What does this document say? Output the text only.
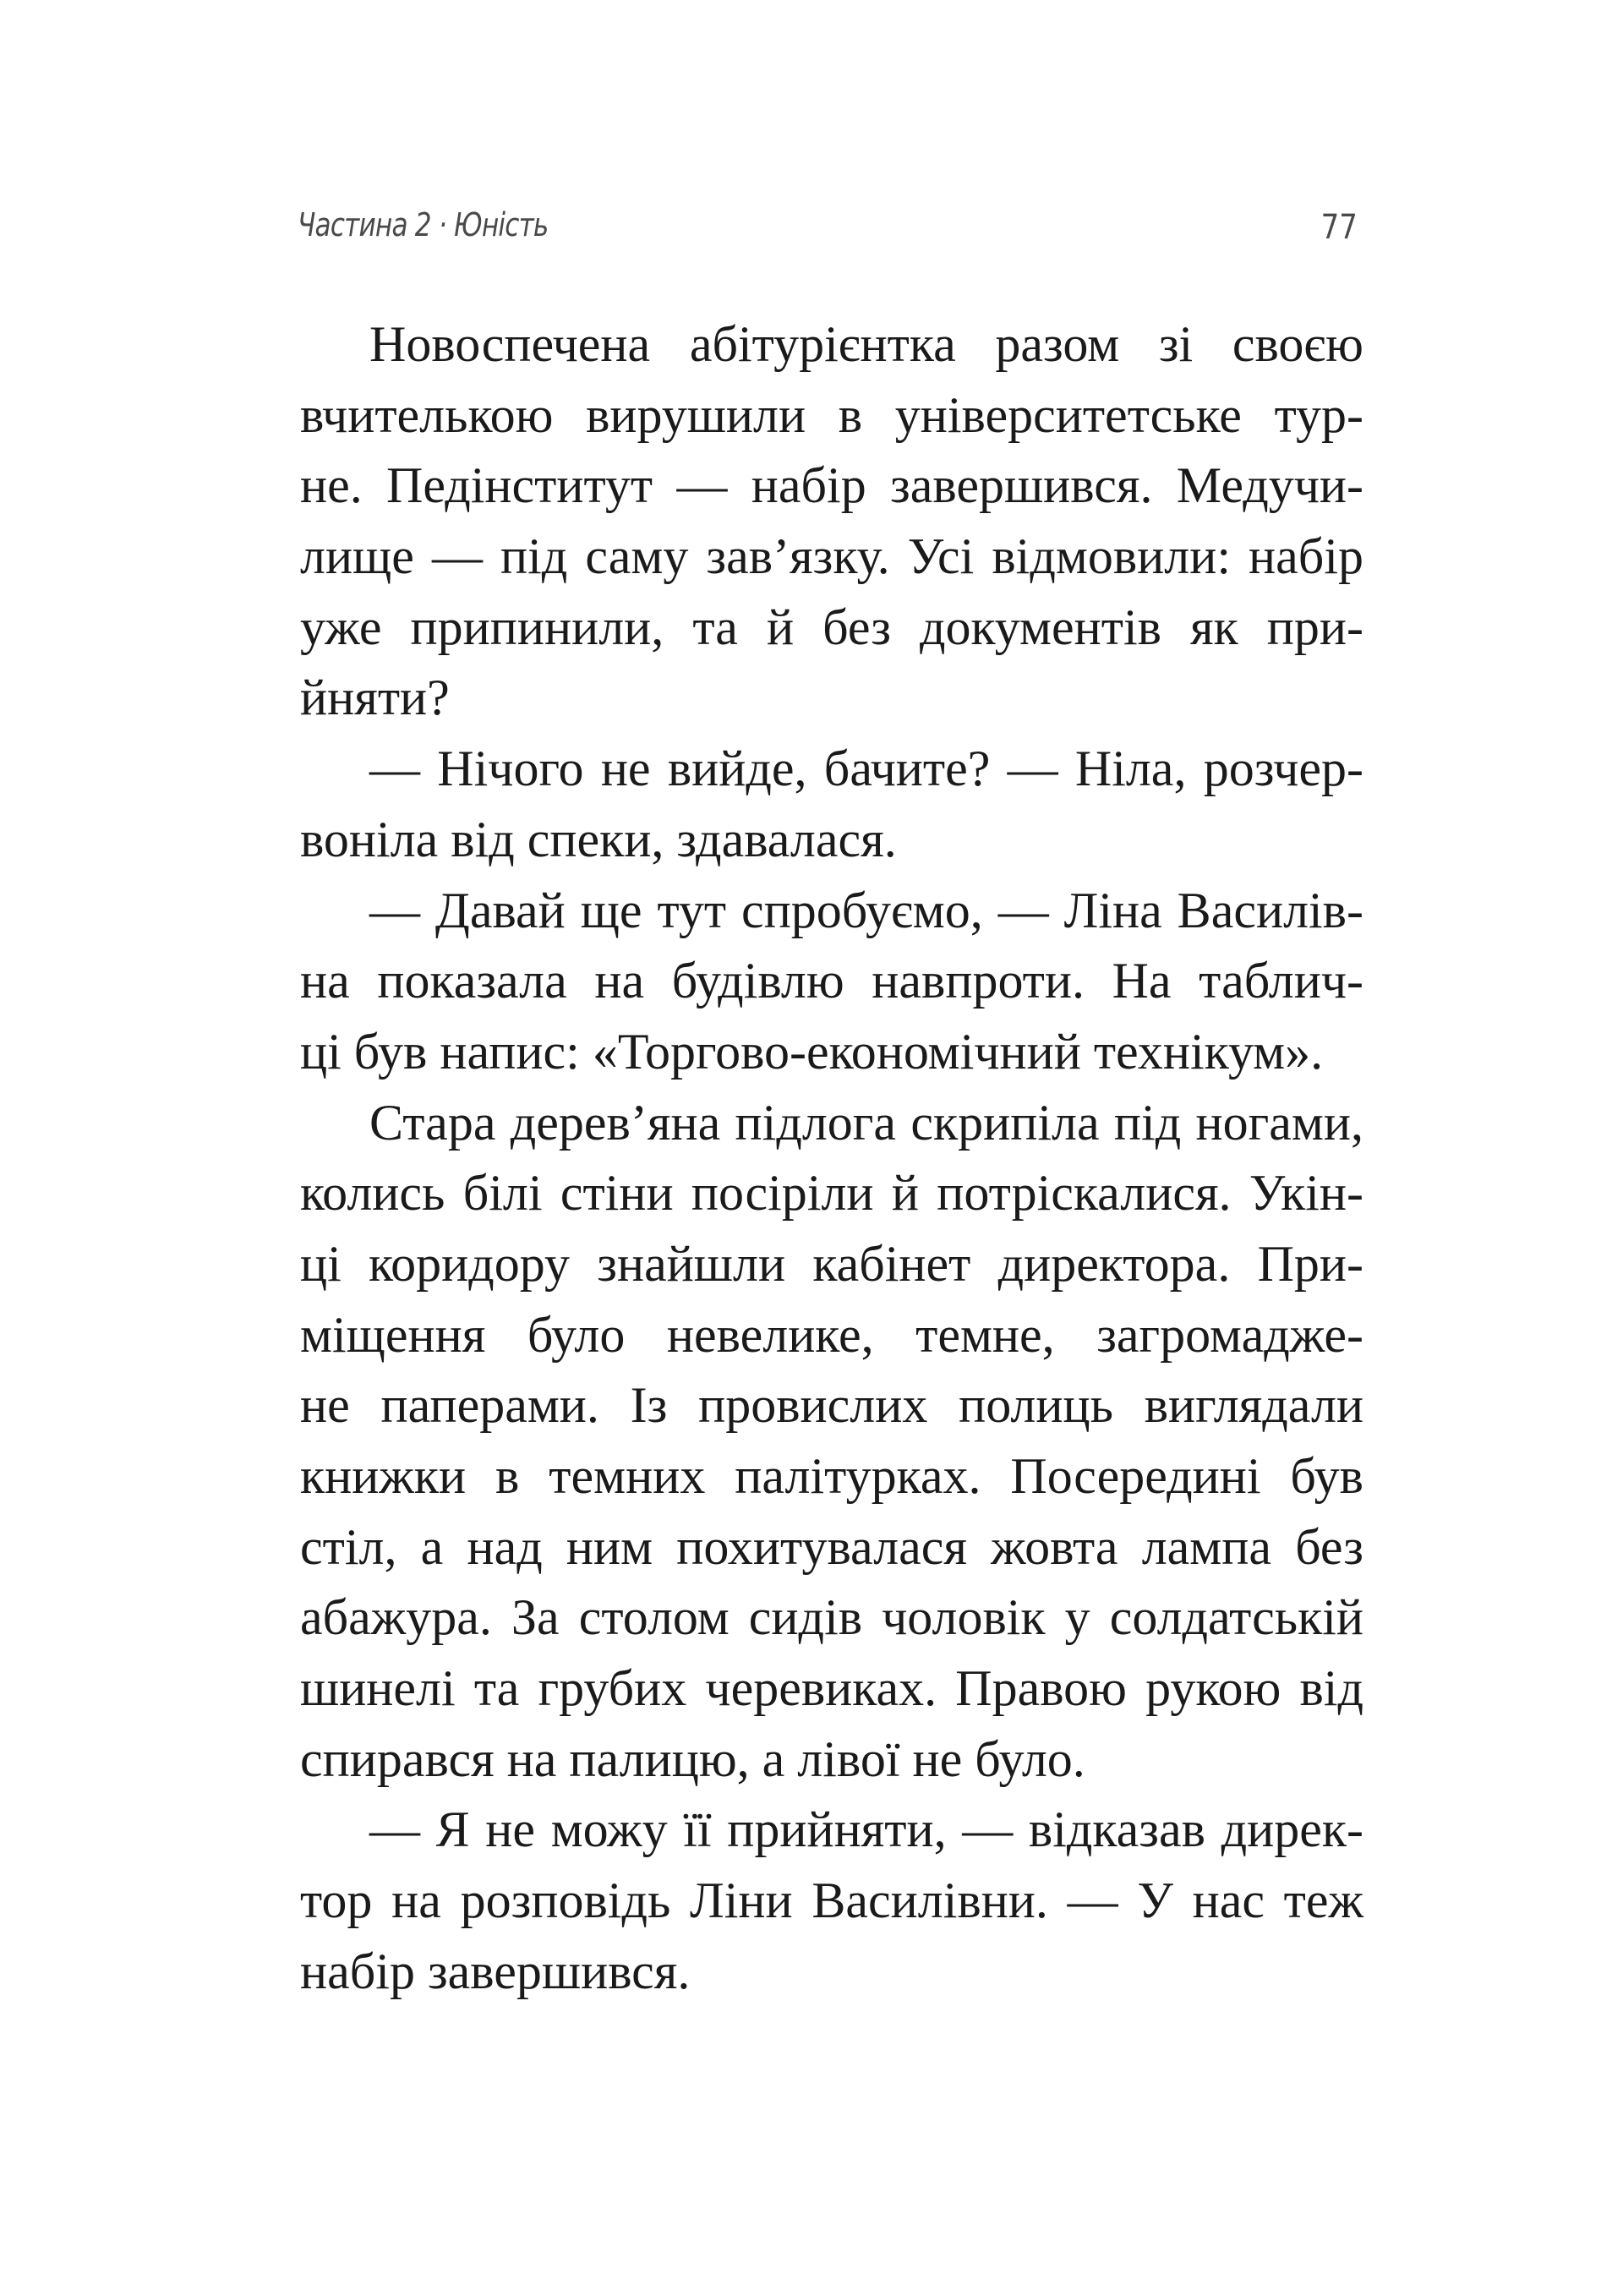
Частина 2 · Юність	77
Новоспечена абітурієнтка разом зі своєю
вчителькою вирушили в університетське тур-
не. Педінститут — набір завершився. Медучи-
лище — під саму зав’язку. Усі відмовили: набір
уже припинили, та й без документів як при-
йняти?
— Нічого не вийде, бачите? — Ніла, розчер-
воніла від спеки, здавалася.
— Давай ще тут спробуємо, — Ліна Василів-
на показала на будівлю навпроти. На таблич-
ці був напис: «Торгово-економічний технікум».
Стара дерев’яна підлога скрипіла під ногами,
колись білі стіни посіріли й потріскалися. Укін-
ці коридору знайшли кабінет директора. При-
міщення було невелике, темне, загромадже-
не паперами. Із провислих полиць виглядали
книжки в темних палітурках. Посередині був
стіл, а над ним похитувалася жовта лампа без
абажура. За столом сидів чоловік у солдатській
шинелі та грубих черевиках. Правою рукою від
спирався на палицю, а лівої не було.
— Я не можу її прийняти, — відказав дирек-
тор на розповідь Ліни Василівни. — У нас теж
набір завершився.
